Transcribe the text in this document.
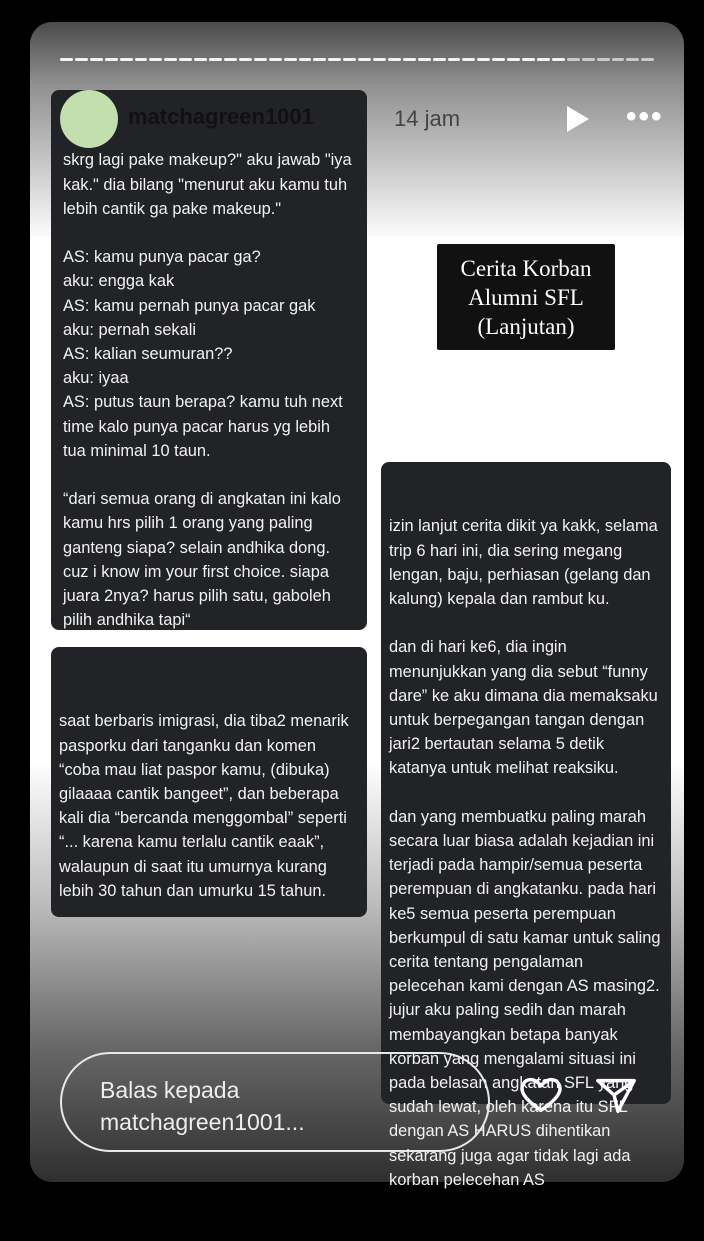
skrg lagi pake makeup?" aku jawab "iya kak." dia bilang "menurut aku kamu tuh lebih cantik ga pake makeup."

AS: kamu punya pacar ga?
aku: engga kak
AS: kamu pernah punya pacar gak
aku: pernah sekali
AS: kalian seumuran??
aku: iyaa
AS: putus taun berapa? kamu tuh next time kalo punya pacar harus yg lebih tua minimal 10 taun.

“dari semua orang di angkatan ini kalo kamu hrs pilih 1 orang yang paling ganteng siapa? selain andhika dong. cuz i know im your first choice. siapa juara 2nya? harus pilih satu, gaboleh pilih andhika tapi“

saat berbaris imigrasi, dia tiba2 menarik pasporku dari tanganku dan komen “coba mau liat paspor kamu, (dibuka) gilaaaa cantik bangeet”, dan beberapa kali dia “bercanda menggombal” seperti “... karena kamu terlalu cantik eaak”, walaupun di saat itu umurnya kurang lebih 30 tahun dan umurku 15 tahun.

izin lanjut cerita dikit ya kakk, selama trip 6 hari ini, dia sering megang lengan, baju, perhiasan (gelang dan kalung) kepala dan rambut ku.

dan di hari ke6, dia ingin menunjukkan yang dia sebut “funny dare” ke aku dimana dia memaksaku untuk berpegangan tangan dengan jari2 bertautan selama 5 detik katanya untuk melihat reaksiku.

dan yang membuatku paling marah secara luar biasa adalah kejadian ini terjadi pada hampir/semua peserta perempuan di angkatanku. pada hari ke5 semua peserta perempuan berkumpul di satu kamar untuk saling cerita tentang pengalaman pelecehan kami dengan AS masing2. jujur aku paling sedih dan marah membayangkan betapa banyak korban yang mengalami situasi ini pada belasan angkatan SFL yang sudah lewat, oleh karena itu SFL dengan AS HARUS dihentikan sekarang juga agar tidak lagi ada korban pelecehan AS

Cerita Korban
Alumni SFL
(Lanjutan)
matchagreen1001	14 jam	•••
Balas kepada matchagreen1001...
